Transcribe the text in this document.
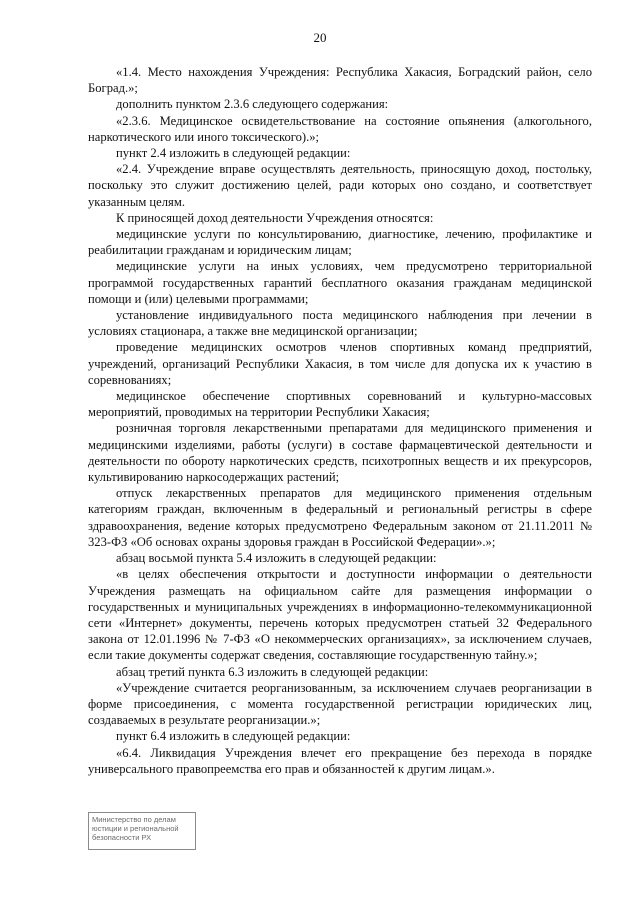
20

«1.4. Место нахождения Учреждения: Республика Хакасия, Боградский район, село Боград.»;

дополнить пунктом 2.3.6 следующего содержания:

«2.3.6. Медицинское освидетельствование на состояние опьянения (алкогольного, наркотического или иного токсического).»;

пункт 2.4 изложить в следующей редакции:

«2.4. Учреждение вправе осуществлять деятельность, приносящую доход, постольку, поскольку это служит достижению целей, ради которых оно создано, и соответствует указанным целям.

К приносящей доход деятельности Учреждения относятся:

медицинские услуги по консультированию, диагностике, лечению, профилактике и реабилитации гражданам и юридическим лицам;

медицинские услуги на иных условиях, чем предусмотрено территориальной программой государственных гарантий бесплатного оказания гражданам медицинской помощи и (или) целевыми программами;

установление индивидуального поста медицинского наблюдения при лечении в условиях стационара, а также вне медицинской организации;

проведение медицинских осмотров членов спортивных команд предприятий, учреждений, организаций Республики Хакасия, в том числе для допуска их к участию в соревнованиях;

медицинское обеспечение спортивных соревнований и культурно-массовых мероприятий, проводимых на территории Республики Хакасия;

розничная торговля лекарственными препаратами для медицинского применения и медицинскими изделиями, работы (услуги) в составе фармацевтической деятельности и деятельности по обороту наркотических средств, психотропных веществ и их прекурсоров, культивированию наркосодержащих растений;

отпуск лекарственных препаратов для медицинского применения отдельным категориям граждан, включенным в федеральный и региональный регистры в сфере здравоохранения, ведение которых предусмотрено Федеральным законом от 21.11.2011 № 323-ФЗ «Об основах охраны здоровья граждан в Российской Федерации».»;

абзац восьмой пункта 5.4 изложить в следующей редакции:

«в целях обеспечения открытости и доступности информации о деятельности Учреждения размещать на официальном сайте для размещения информации о государственных и муниципальных учреждениях в информационно-телекоммуникационной сети «Интернет» документы, перечень которых предусмотрен статьей 32 Федерального закона от 12.01.1996 № 7-ФЗ «О некоммерческих организациях», за исключением случаев, если такие документы содержат сведения, составляющие государственную тайну.»;

абзац третий пункта 6.3 изложить в следующей редакции:

«Учреждение считается реорганизованным, за исключением случаев реорганизации в форме присоединения, с момента государственной регистрации юридических лиц, создаваемых в результате реорганизации.»;

пункт 6.4 изложить в следующей редакции:

«6.4. Ликвидация Учреждения влечет его прекращение без перехода в порядке универсального правопреемства его прав и обязанностей к другим лицам.».

Министерство по делам
юстиции и региональной
безопасности РХ
